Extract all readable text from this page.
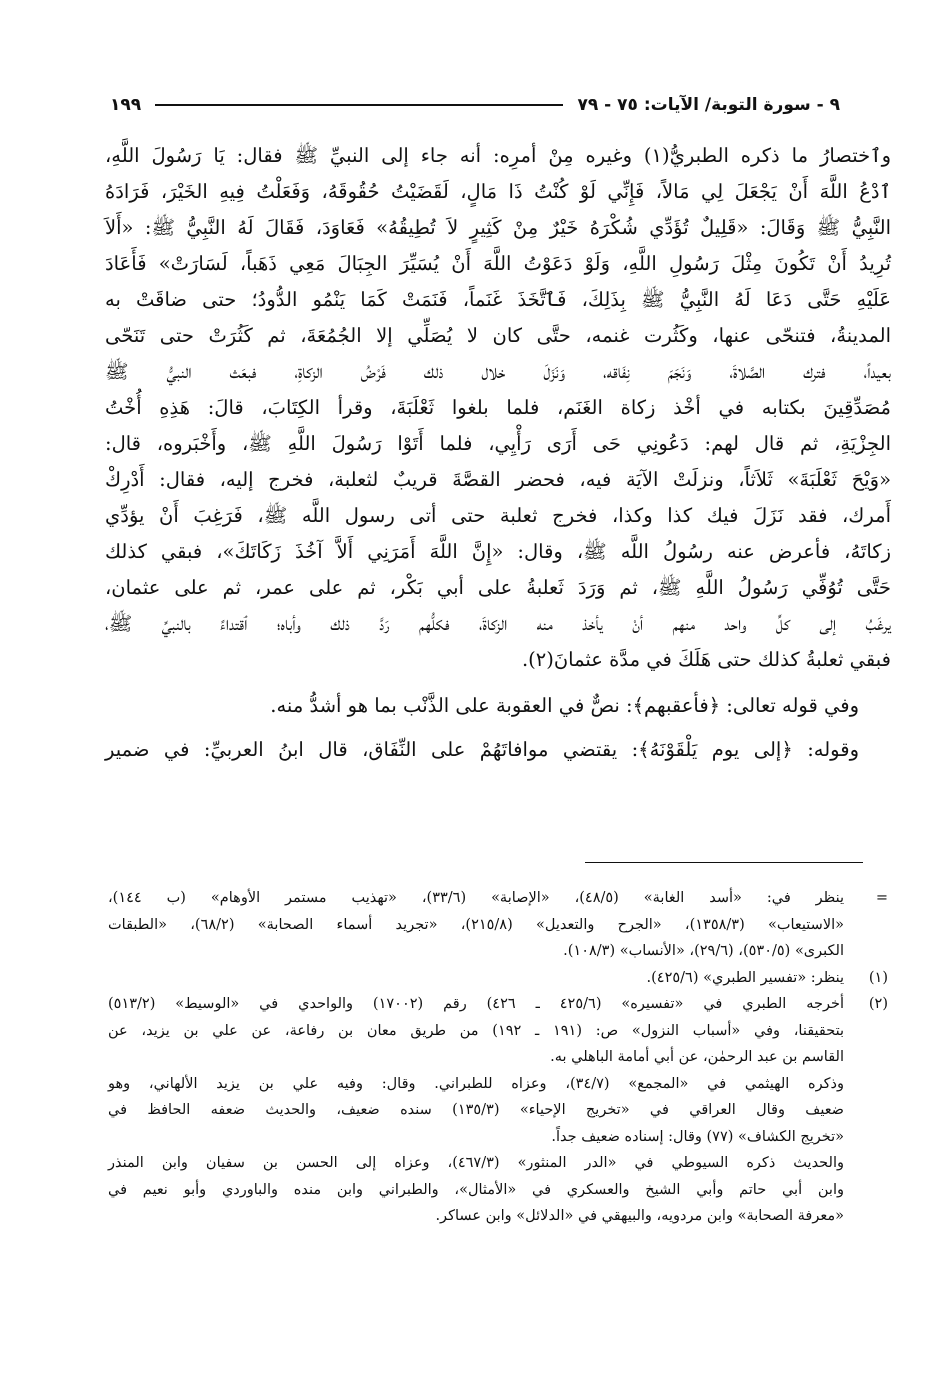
٩ - سورة التوبة/ الآيات: ٧٥ - ٧٩
١٩٩
وٱختصارُ ما ذكره الطبريُّ(١) وغيره مِنْ أمرِه: أنه جاء إلى النبيِّ ﷺ فقال: يَا رَسُولَ اللَّهِ،
ٱدْعُ اللَّهَ أَنْ يَجْعَلَ لِي مَالاً، فَإِنِّي لَوْ كُنْتُ ذَا مَالٍ، لَقَضَيْتُ حُقُوقَهُ، وَفَعَلْتُ فِيهِ الخَيْرَ، فَرَادَهُ
النَّبِيُّ ﷺ وَقَالَ: «قَلِيلٌ تُؤَدِّي شُكْرَهُ خَيْرٌ مِنْ كَثِيرٍ لاَ تُطِيقُهُ» فَعَاوَدَ، فَقَالَ لَهُ النَّبِيُّ ﷺ: «أَلاَ
تُرِيدُ أَنْ تَكُونَ مِثْلَ رَسُولِ اللَّهِ، وَلَوْ دَعَوْتُ اللَّهَ أَنْ يُسَيِّرَ الجِبَالَ مَعِي ذَهَباً، لَسَارَتْ» فَأَعَادَ
عَلَيْهِ حَتَّى دَعَا لَهُ النَّبِيُّ ﷺ بِذَلِكَ، فَٱتَّخَذَ غَنَماً، فَنَمَتْ كَمَا يَنْمُو الدُّودُ؛ حتى ضاقَتْ به
المدينةُ، فتنحّى عنها، وكَثُرت غنمه، حتَّى كان لا يُصَلِّي إلا الجُمُعَةَ، ثم كَثُرَتْ حتى تَنَحّى
بعيداً، فترك الصَّلاةَ، وَنَجَمَ نِفَاقه، وَنَزَلَ خلال ذلك فَرْضُ الزكاةِ، فبعَث النبيُّ ﷺ
مُصَدِّقِينَ بكتابه في أخْذ زكاة الغَنَم، فلما بلغوا ثَعْلَبَةَ، وقرأ الكِتَابَ، قالَ: هَذِهِ أُخْتُ
الجِزْيَةِ، ثم قال لهم: دَعُونِي حَى أَرَى رَأْيِي، فلما أَتَوْا رَسُولَ اللَّهِ ﷺ، وأَخْبَروه، قال:
«وَيْحَ ثَعْلَبَةَ» ثَلاَثاً، ونزلَتْ الآيَة فيه، فحضر القصَّةَ قريبٌ لثعلبة، فخرج إليه، فقال: أَدْرِكْ
أَمرك، فقد نَزَلَ فيك كذا وكذا، فخرج ثعلبة حتى أتى رسول اللَّه ﷺ، فَرَغِبَ أَنْ يؤدِّي
زكاتَهُ، فأعرض عنه رسُولُ اللَّه ﷺ، وقال: «إِنَّ اللَّهَ أَمَرَنِي أَلاَّ آخُذَ زَكَاتَكَ»، فبقي كذلك
حَتَّى تُوُفِّي رَسُولُ اللَّهِ ﷺ، ثم وَرَدَ ثَعلبةُ على أبي بَكْر، ثم على عمر، ثم على عثمان،
يرغَبُ إلى كلِّ واحد منهم أنْ يأخذ منه الزكاةَ، فكلُّهم رَدَّ ذلك وأباه؛ ٱقتداءً بالنبيِّ ﷺ،
فبقي ثعلبةُ كذلك حتى هَلَكَ في مدَّة عثمانَ(٢).
وفي قوله تعالى: ﴿فأعقبهم﴾: نصٌّ في العقوبة على الذَّنْب بما هو أشدُّ منه.
وقوله: ﴿إلى يوم يَلْقَوْنَهُ﴾: يقتضي موافاتَهُمْ على النِّفَاق، قال ابنُ العربيِّ: في ضمير
=
ينظر في: «أسد الغابة» (٤٨/٥)، «الإصابة» (٣٣/٦)، «تهذيب مستمر الأوهام» (ب ١٤٤)،
«الاستيعاب» (١٣٥٨/٣)، «الجرح والتعديل» (٢١٥/٨)، «تجريد أسماء الصحابة» (٦٨/٢)، «الطبقات
الكبرى» (٥٣٠/٥)، (٢٩/٦)، «الأنساب» (١٠٨/٣).
(١)
ينظر: «تفسير الطبري» (٤٢٥/٦).
(٢)
أخرجه الطبري في «تفسيره» (٤٢٥/٦ ـ ٤٢٦) رقم (١٧٠٠٢) والواحدي في «الوسيط» (٥١٣/٢)
بتحقيقنا، وفي «أسباب النزول» ص: (١٩١ ـ ١٩٢) من طريق معان بن رفاعة، عن علي بن يزيد، عن
القاسم بن عبد الرحمٰن، عن أبي أمامة الباهلي به.
وذكره الهيثمي في «المجمع» (٣٤/٧)، وعزاه للطبراني. وقال: وفيه علي بن يزيد الألهاني، وهو
ضعيف وقال العراقي في «تخريج الإحياء» (١٣٥/٣) سنده ضعيف، والحديث ضعفه الحافظ في
«تخريج الكشاف» (٧٧) وقال: إسناده ضعيف جداً.
والحديث ذكره السيوطي في «الدر المنثور» (٤٦٧/٣)، وعزاه إلى الحسن بن سفيان وابن المنذر
وابن أبي حاتم وأبي الشيخ والعسكري في «الأمثال»، والطبراني وابن منده والباوردي وأبو نعيم في
«معرفة الصحابة» وابن مردويه، والبيهقي في «الدلائل» وابن عساكر.
